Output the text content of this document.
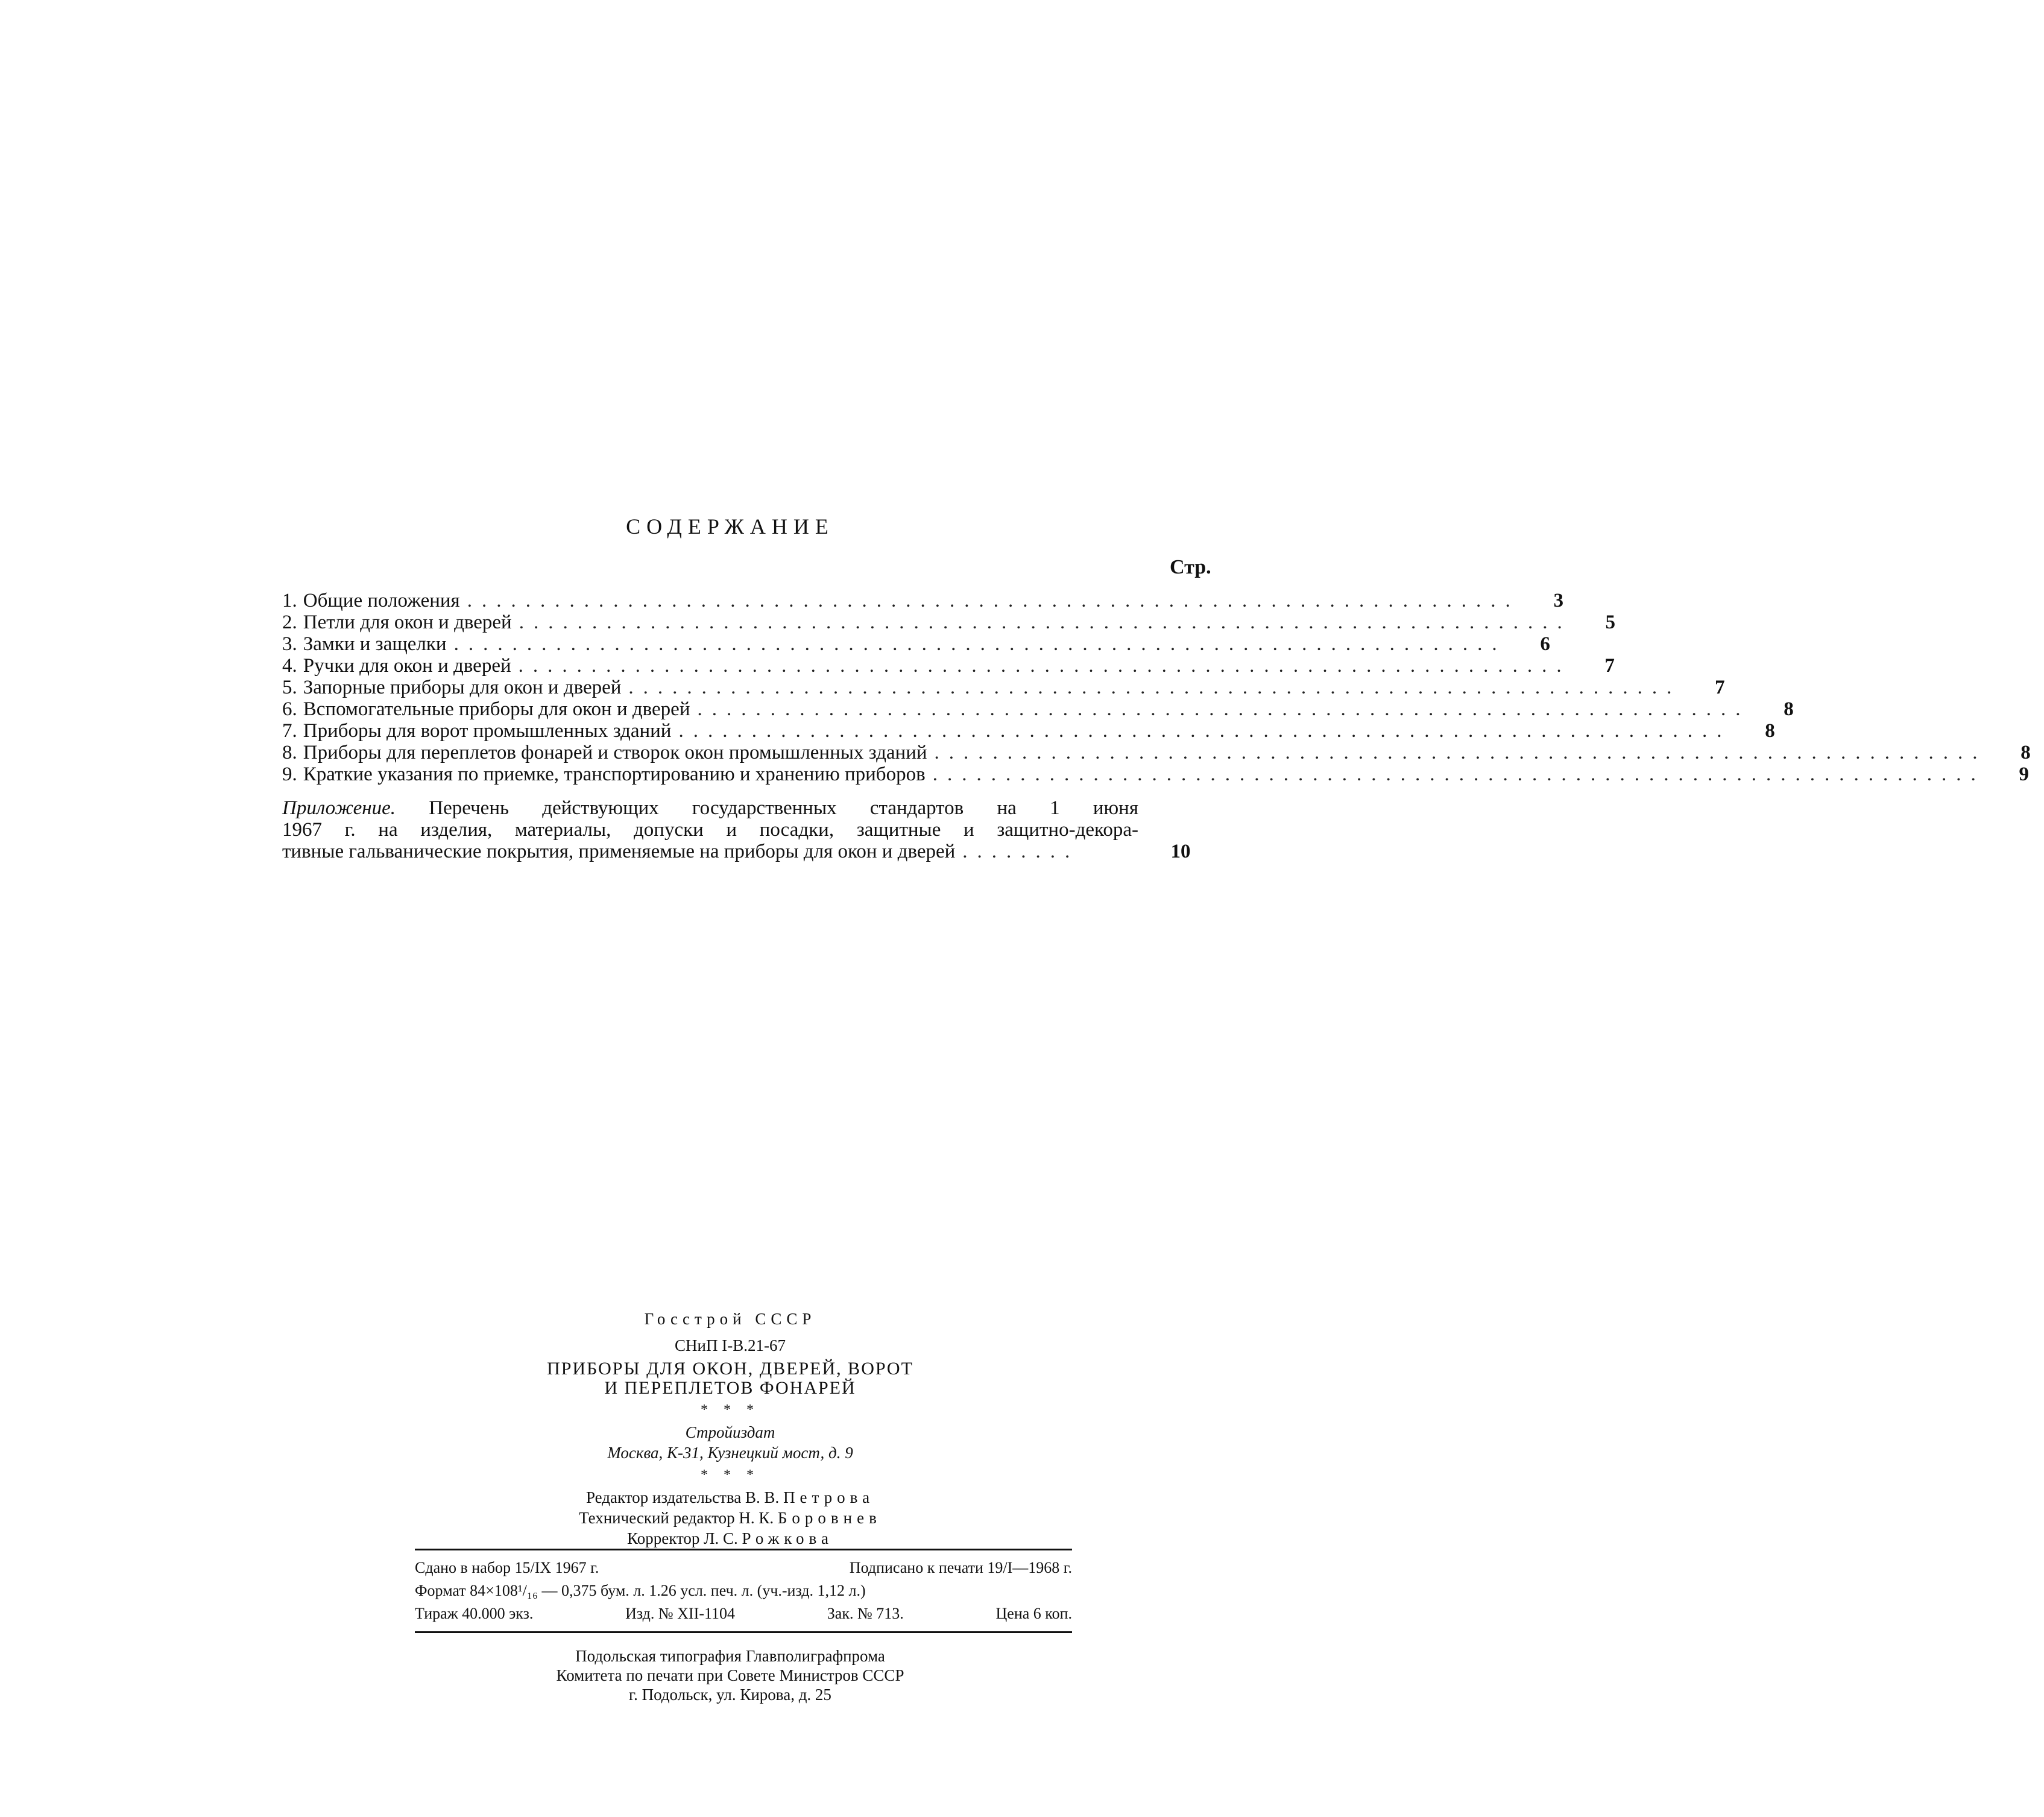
СОДЕРЖАНИЕ
Стр.
1. Общие положения ........................................................................	3
2. Петли для окон и дверей ........................................................................	5
3. Замки и защелки ........................................................................	6
4. Ручки для окон и дверей ........................................................................	7
5. Запорные приборы для окон и дверей ........................................................................	7
6. Вспомогательные приборы для окон и дверей ........................................................................	8
7. Приборы для ворот промышленных зданий ........................................................................	8
8. Приборы для переплетов фонарей и створок окон промышленных зданий ........................................................................	8
9. Краткие указания по приемке, транспортированию и хранению приборов ........................................................................	9
Приложение. Перечень действующих государственных стандартов на 1 июня
1967 г. на изделия, материалы, допуски и посадки, защитные и защитно-декора-
тивные гальванические покрытия, применяемые на приборы для окон и дверей ........	10
Госстрой СССР
СНиП I-В.21-67
ПРИБОРЫ ДЛЯ ОКОН, ДВЕРЕЙ, ВОРОТ
И ПЕРЕПЛЕТОВ ФОНАРЕЙ
* * *
Стройиздат
Москва, К-31, Кузнецкий мост, д. 9
* * *
Редактор издательства В. В. Петрова
Технический редактор Н. К. Боровнев
Корректор Л. С. Рожкова
Сдано в набор 15/IX 1967 г.	Подписано к печати 19/I—1968 г.
Формат 84×108¹/₁₆ — 0,375 бум. л. 1.26 усл. печ. л. (уч.-изд. 1,12 л.)
Тираж 40.000 экз.	Изд. № XII-1104	Зак. № 713.	Цена 6 коп.
Подольская типография Главполиграфпрома
Комитета по печати при Совете Министров СССР
г. Подольск, ул. Кирова, д. 25
